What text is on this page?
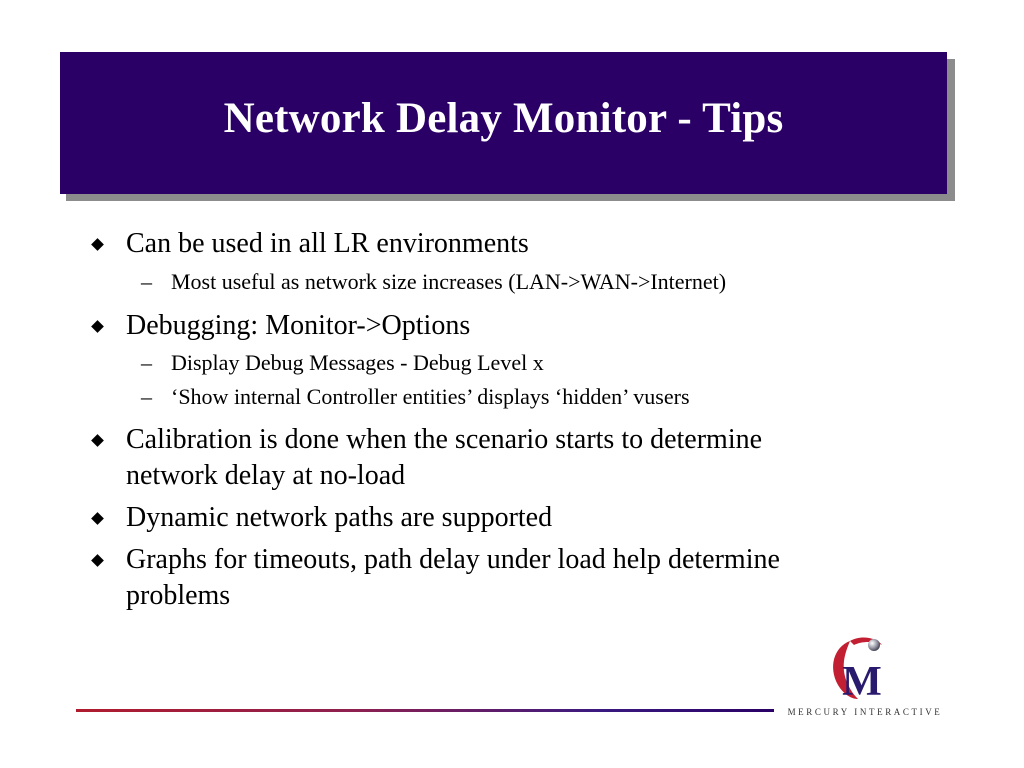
Network Delay Monitor - Tips
Can be used in all LR environments
– Most useful as network size increases (LAN->WAN->Internet)
Debugging: Monitor->Options
– Display Debug Messages - Debug Level x
– ‘Show internal Controller entities’ displays ‘hidden’ vusers
Calibration is done when the scenario starts to determine
network delay at no-load
Dynamic network paths are supported
Graphs for timeouts, path delay under load help determine
problems
M
MERCURY INTERACTIVE
